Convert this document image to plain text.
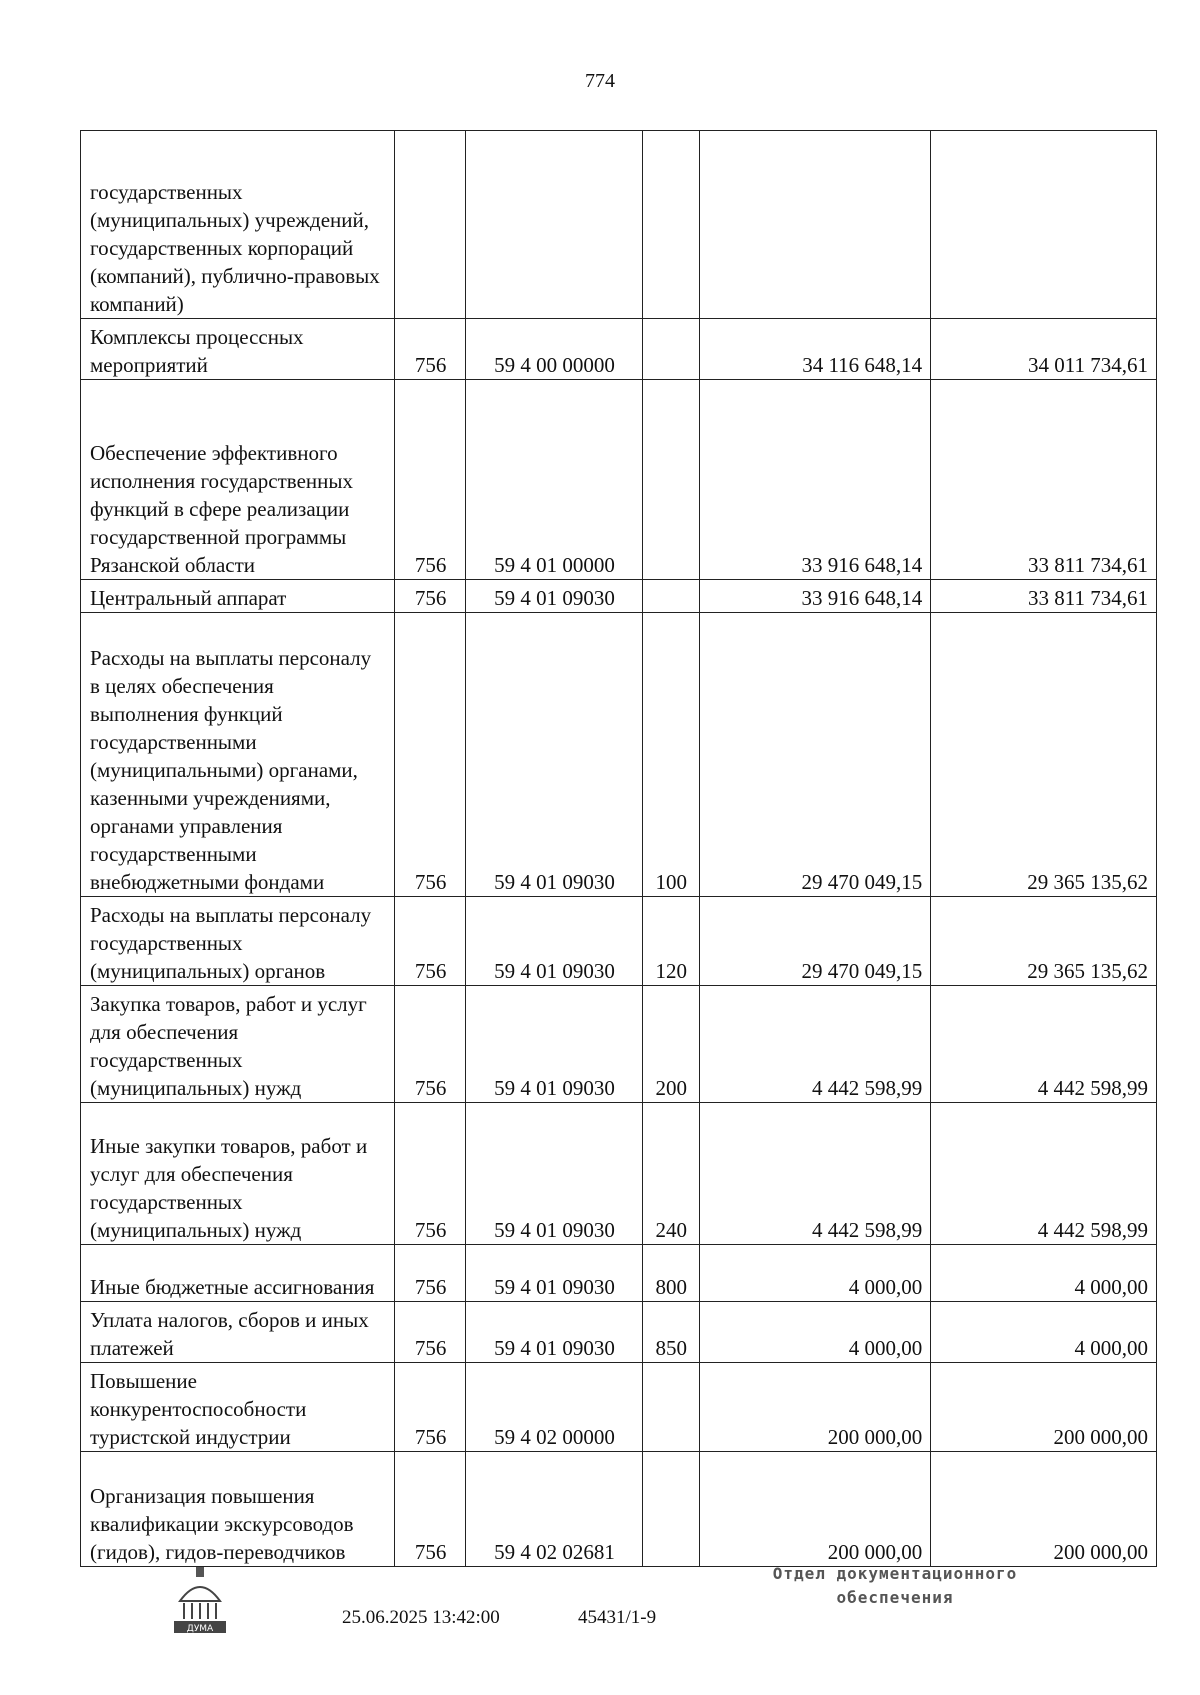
774
государственных (муниципальных) учреждений, государственных корпораций (компаний), публично-правовых компаний)					
Комплексы процессных мероприятий	756	59 4 00 00000		34 116 648,14	34 011 734,61
Обеспечение эффективного исполнения государственных функций в сфере реализации государственной программы Рязанской области	756	59 4 01 00000		33 916 648,14	33 811 734,61
Центральный аппарат	756	59 4 01 09030		33 916 648,14	33 811 734,61
Расходы на выплаты персоналу в целях обеспечения выполнения функций государственными (муниципальными) органами, казенными учреждениями, органами управления государственными внебюджетными фондами	756	59 4 01 09030	100	29 470 049,15	29 365 135,62
Расходы на выплаты персоналу государственных (муниципальных) органов	756	59 4 01 09030	120	29 470 049,15	29 365 135,62
Закупка товаров, работ и услуг для обеспечения государственных (муниципальных) нужд	756	59 4 01 09030	200	4 442 598,99	4 442 598,99
Иные закупки товаров, работ и услуг для обеспечения государственных (муниципальных) нужд	756	59 4 01 09030	240	4 442 598,99	4 442 598,99
Иные бюджетные ассигнования	756	59 4 01 09030	800	4 000,00	4 000,00
Уплата налогов, сборов и иных платежей	756	59 4 01 09030	850	4 000,00	4 000,00
Повышение конкурентоспособности туристской индустрии	756	59 4 02 00000		200 000,00	200 000,00
Организация повышения квалификации экскурсоводов (гидов), гидов-переводчиков	756	59 4 02 02681		200 000,00	200 000,00
ДУМА
25.06.2025 13:42:00	45431/1-9
Отдел документационного
обеспечения
